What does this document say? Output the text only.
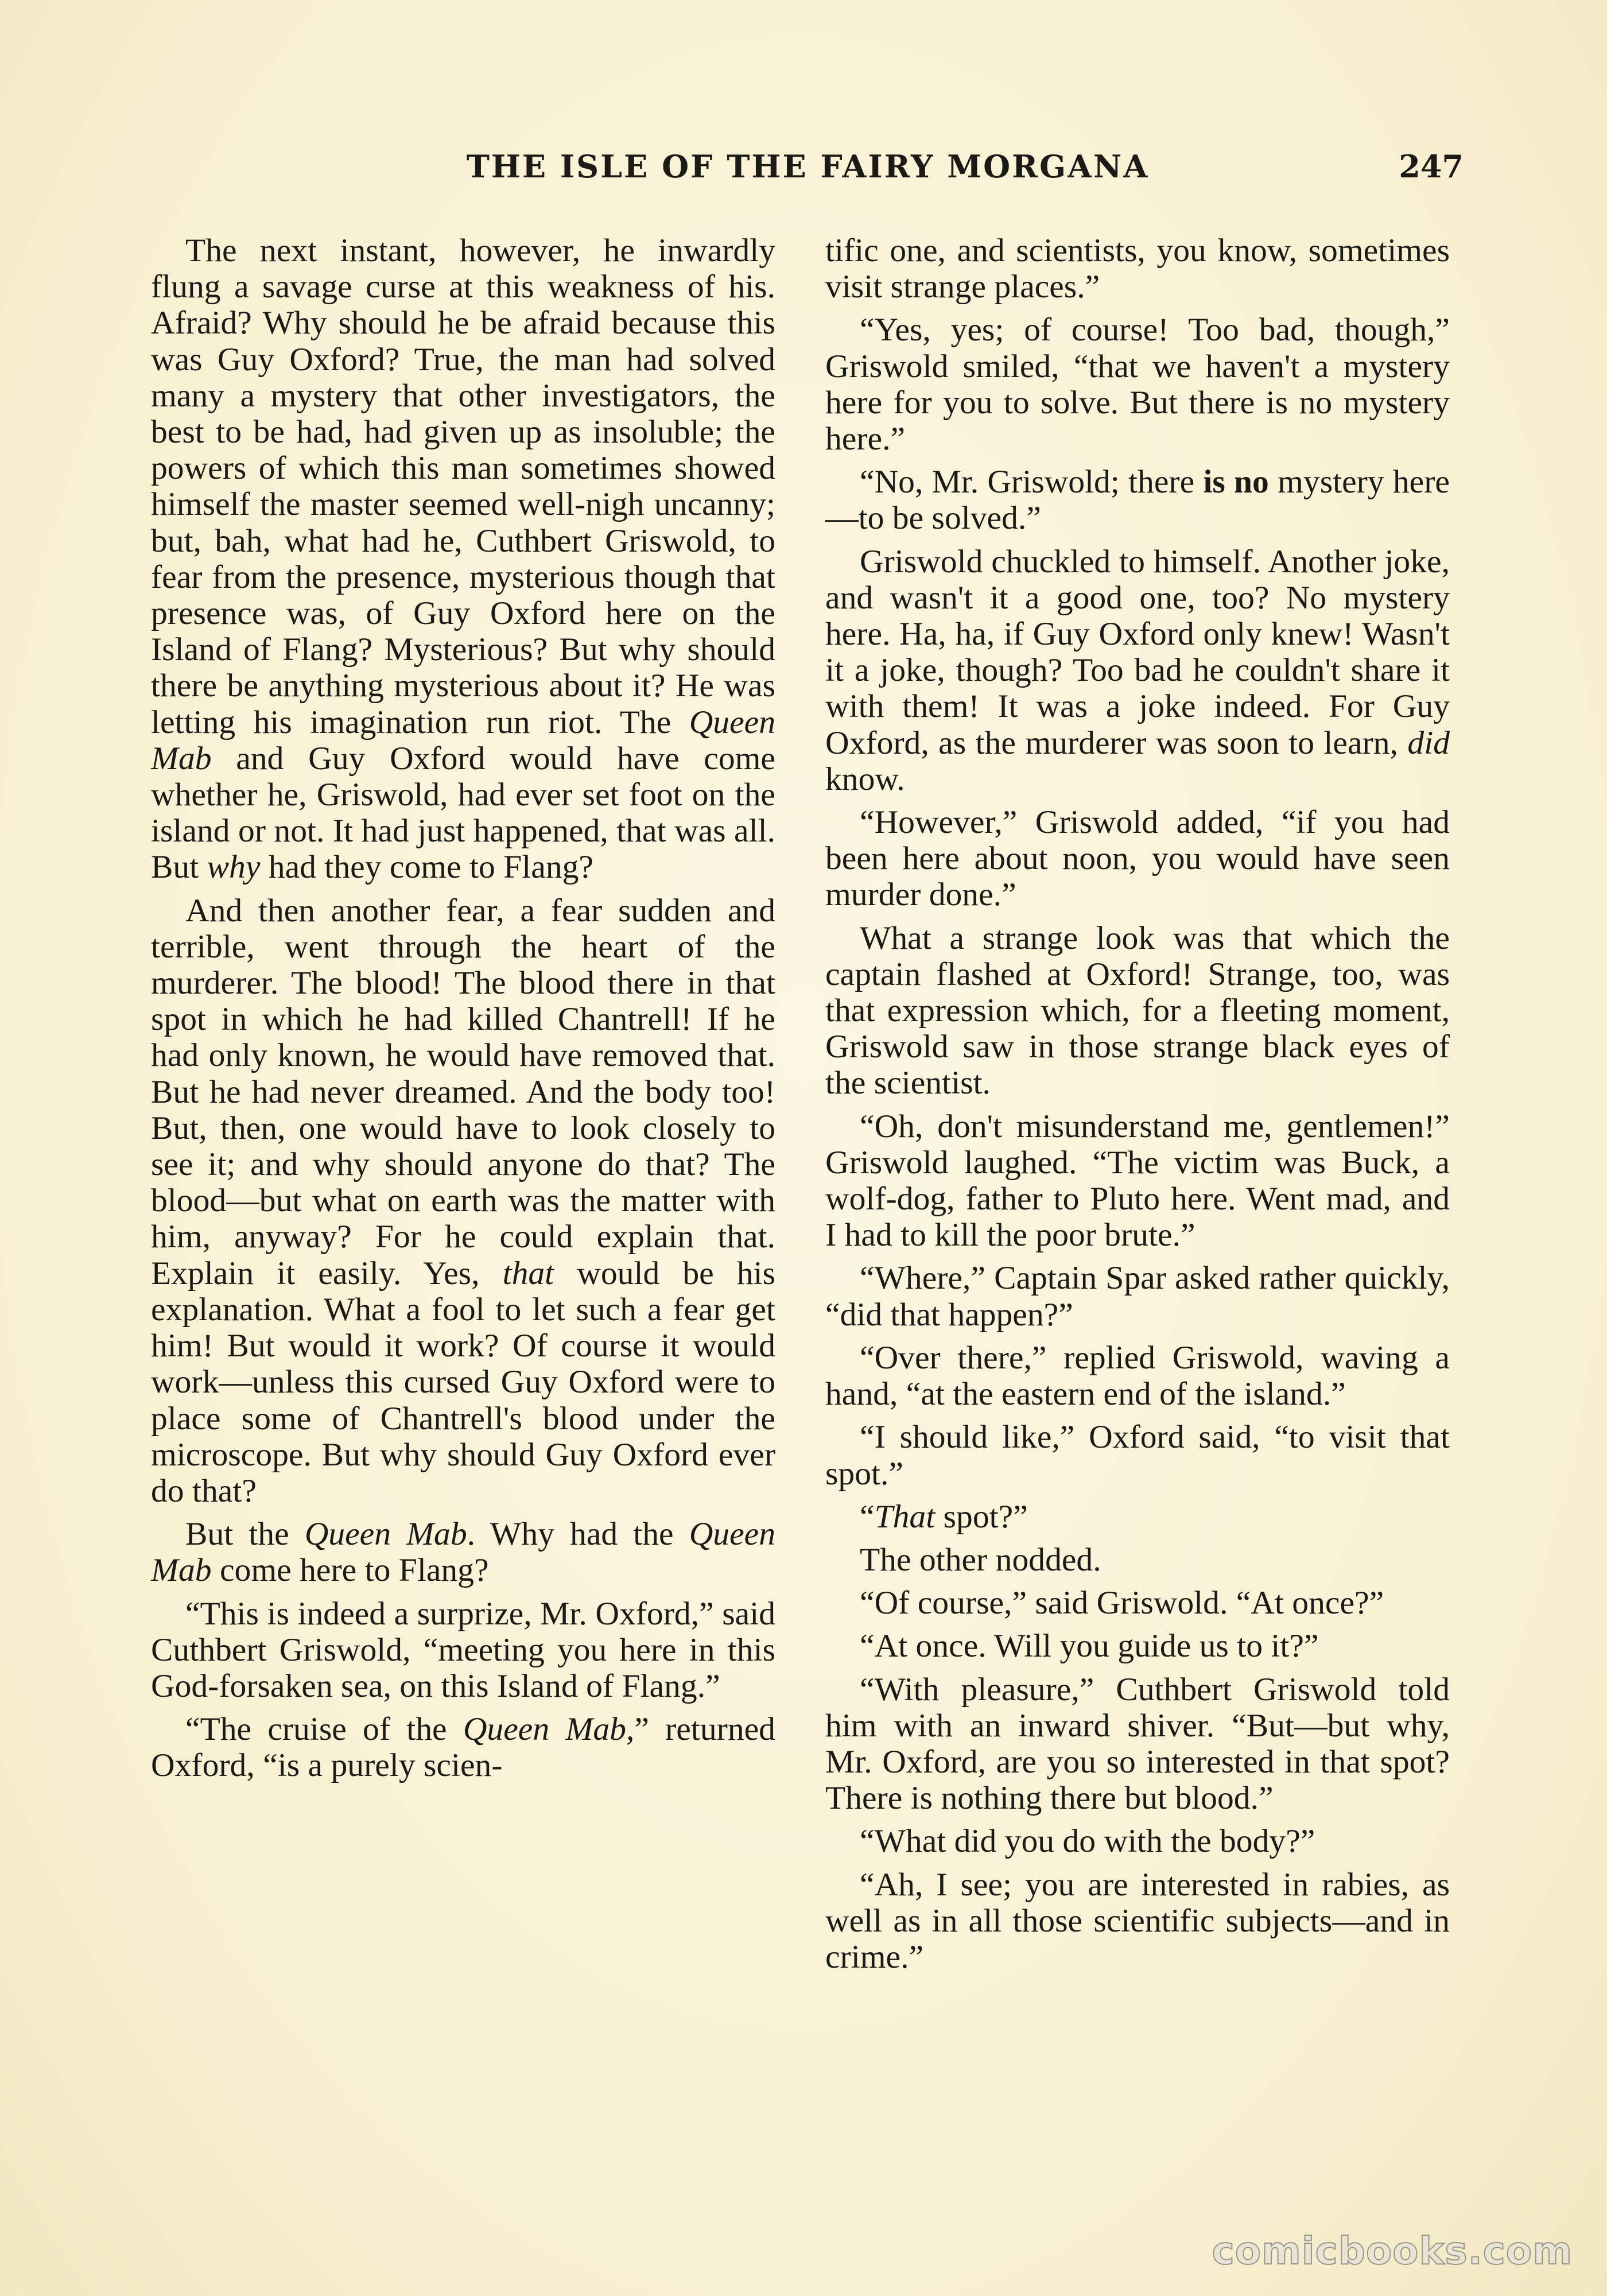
THE ISLE OF THE FAIRY MORGANA	247

The next instant, however, he inwardly flung a savage curse at this weakness of his. Afraid? Why should he be afraid because this was Guy Oxford? True, the man had solved many a mystery that other investigators, the best to be had, had given up as insoluble; the powers of which this man sometimes showed himself the master seemed well-nigh uncanny; but, bah, what had he, Cuthbert Griswold, to fear from the presence, mysterious though that presence was, of Guy Oxford here on the Island of Flang? Mysterious? But why should there be anything mysterious about it? He was letting his imagination run riot. The Queen Mab and Guy Oxford would have come whether he, Griswold, had ever set foot on the island or not. It had just happened, that was all. But why had they come to Flang?

And then another fear, a fear sudden and terrible, went through the heart of the murderer. The blood! The blood there in that spot in which he had killed Chantrell! If he had only known, he would have removed that. But he had never dreamed. And the body too! But, then, one would have to look closely to see it; and why should anyone do that? The blood—but what on earth was the matter with him, anyway? For he could explain that. Explain it easily. Yes, that would be his explanation. What a fool to let such a fear get him! But would it work? Of course it would work—unless this cursed Guy Oxford were to place some of Chantrell's blood under the microscope. But why should Guy Oxford ever do that?

But the Queen Mab. Why had the Queen Mab come here to Flang?

“This is indeed a surprize, Mr. Oxford,” said Cuthbert Griswold, “meeting you here in this God-forsaken sea, on this Island of Flang.”

“The cruise of the Queen Mab,” returned Oxford, “is a purely scien-

tific one, and scientists, you know, sometimes visit strange places.”

“Yes, yes; of course! Too bad, though,” Griswold smiled, “that we haven't a mystery here for you to solve. But there is no mystery here.”

“No, Mr. Griswold; there is no mystery here—to be solved.”

Griswold chuckled to himself. Another joke, and wasn't it a good one, too? No mystery here. Ha, ha, if Guy Oxford only knew! Wasn't it a joke, though? Too bad he couldn't share it with them! It was a joke indeed. For Guy Oxford, as the murderer was soon to learn, did know.

“However,” Griswold added, “if you had been here about noon, you would have seen murder done.”

What a strange look was that which the captain flashed at Oxford! Strange, too, was that expression which, for a fleeting moment, Griswold saw in those strange black eyes of the scientist.

“Oh, don't misunderstand me, gentlemen!” Griswold laughed. “The victim was Buck, a wolf-dog, father to Pluto here. Went mad, and I had to kill the poor brute.”

“Where,” Captain Spar asked rather quickly, “did that happen?”

“Over there,” replied Griswold, waving a hand, “at the eastern end of the island.”

“I should like,” Oxford said, “to visit that spot.”

“That spot?”

The other nodded.

“Of course,” said Griswold. “At once?”

“At once. Will you guide us to it?”

“With pleasure,” Cuthbert Griswold told him with an inward shiver. “But—but why, Mr. Oxford, are you so interested in that spot? There is nothing there but blood.”

“What did you do with the body?”

“Ah, I see; you are interested in rabies, as well as in all those scientific subjects—and in crime.”

comicbooks.com
